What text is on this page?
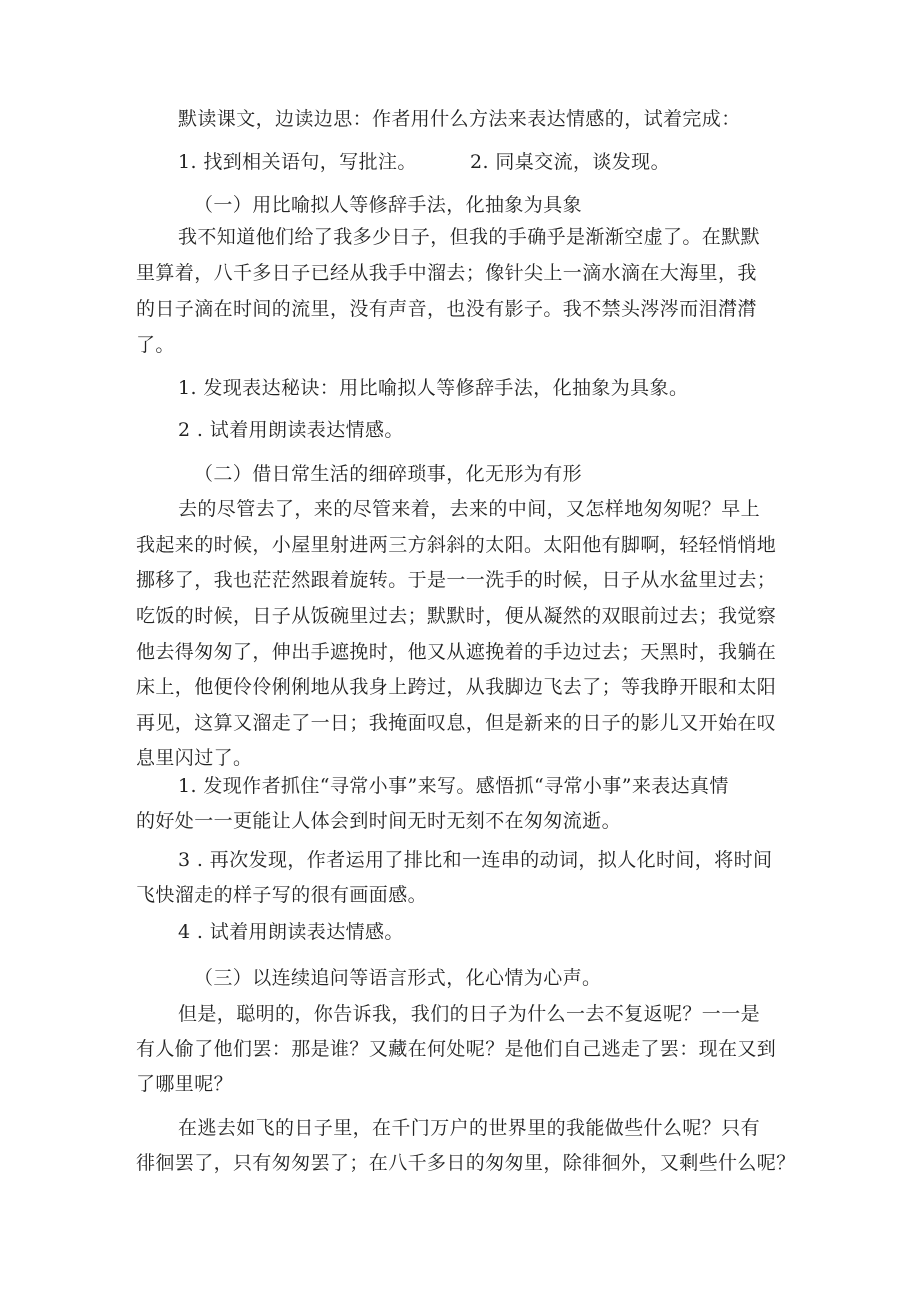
默读课文，边读边思：作者用什么方法来表达情感的，试着完成：
1. 找到相关语句，写批注。	2. 同桌交流，谈发现。
（一）用比喻拟人等修辞手法，化抽象为具象
我不知道他们给了我多少日子，但我的手确乎是渐渐空虚了。在默默
里算着，八千多日子已经从我手中溜去；像针尖上一滴水滴在大海里，我
的日子滴在时间的流里，没有声音，也没有影子。我不禁头涔涔而泪潸潸
了。
1. 发现表达秘诀：用比喻拟人等修辞手法，化抽象为具象。
2 . 试着用朗读表达情感。
（二）借日常生活的细碎琐事，化无形为有形
去的尽管去了，来的尽管来着，去来的中间，又怎样地匆匆呢？早上
我起来的时候，小屋里射进两三方斜斜的太阳。太阳他有脚啊，轻轻悄悄地
挪移了，我也茫茫然跟着旋转。于是一一洗手的时候，日子从水盆里过去；
吃饭的时候，日子从饭碗里过去；默默时，便从凝然的双眼前过去；我觉察
他去得匆匆了，伸出手遮挽时，他又从遮挽着的手边过去；天黑时，我躺在
床上，他便伶伶俐俐地从我身上跨过，从我脚边飞去了；等我睁开眼和太阳
再见，这算又溜走了一日；我掩面叹息，但是新来的日子的影儿又开始在叹
息里闪过了。
1. 发现作者抓住“寻常小事”来写。感悟抓“寻常小事”来表达真情
的好处一一更能让人体会到时间无时无刻不在匆匆流逝。
3 . 再次发现，作者运用了排比和一连串的动词，拟人化时间，将时间
飞快溜走的样子写的很有画面感。
4 . 试着用朗读表达情感。
（三）以连续追问等语言形式，化心情为心声。
但是，聪明的，你告诉我，我们的日子为什么一去不复返呢？一一是
有人偷了他们罢：那是谁？又藏在何处呢？是他们自己逃走了罢：现在又到
了哪里呢？
在逃去如飞的日子里，在千门万户的世界里的我能做些什么呢？只有
徘徊罢了，只有匆匆罢了；在八千多日的匆匆里，除徘徊外，又剩些什么呢？
